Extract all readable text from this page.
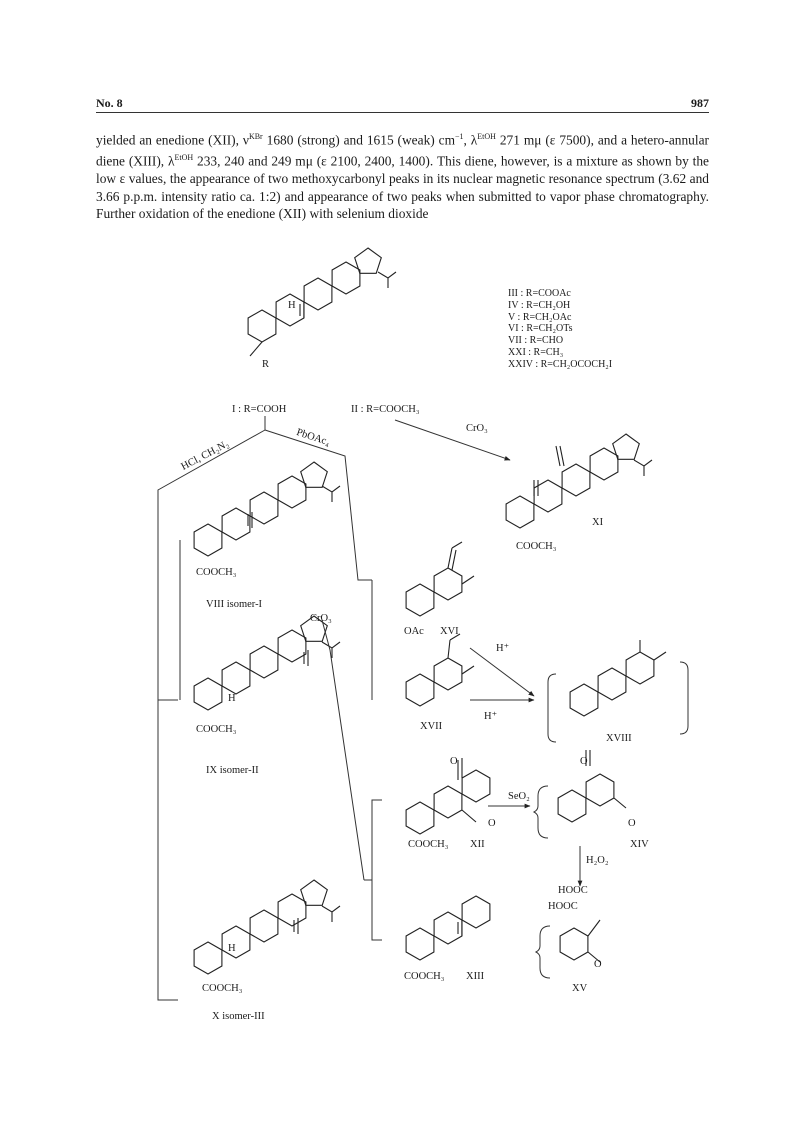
No. 8	987

yielded an enedione (XII), $\nu^{KBr}$ 1680 (strong) and 1615 (weak) $cm^{-1}$, $\lambda^{EtOH}$ 271 mμ (ε 7500), and a hetero-annular diene (XIII), $\lambda^{EtOH}$ 233, 240 and 249 mμ (ε 2100, 2400, 1400). This diene, however, is a mixture as shown by the low ε values, the appearance of two methoxycarbonyl peaks in its nuclear magnetic resonance spectrum (3.62 and 3.66 p.p.m. intensity ratio ca. 1:2) and appearance of two peaks when submitted to vapor phase chromatography. Further oxidation of the enedione (XII) with selenium dioxide

III : R=COOAc
IV : R=CH₂OH
V : R=CH₂OAc
VI : R=CH₂OTs
VII : R=CHO
XXI : R=CH₃
XXIV : R=CH₂OCOCH₂I
H
R
I : R=COOH	II : R=COOCH₃
CrO₃
HCl, CH₂N₂
PbOAc₄
XI
COOCH₃
COOCH₃
VIII isomer-I
CrO₃
OAc XVI
H⁺
H⁺
H
COOCH₃	XVII
XVIII
IX isomer-II
O
O
SeO₂
O
O
COOCH₃ XII	XIV
H₂O₂
HOOC
HOOC
H
O
COOCH₃ XIII
COOCH₃	XV
X isomer-III
